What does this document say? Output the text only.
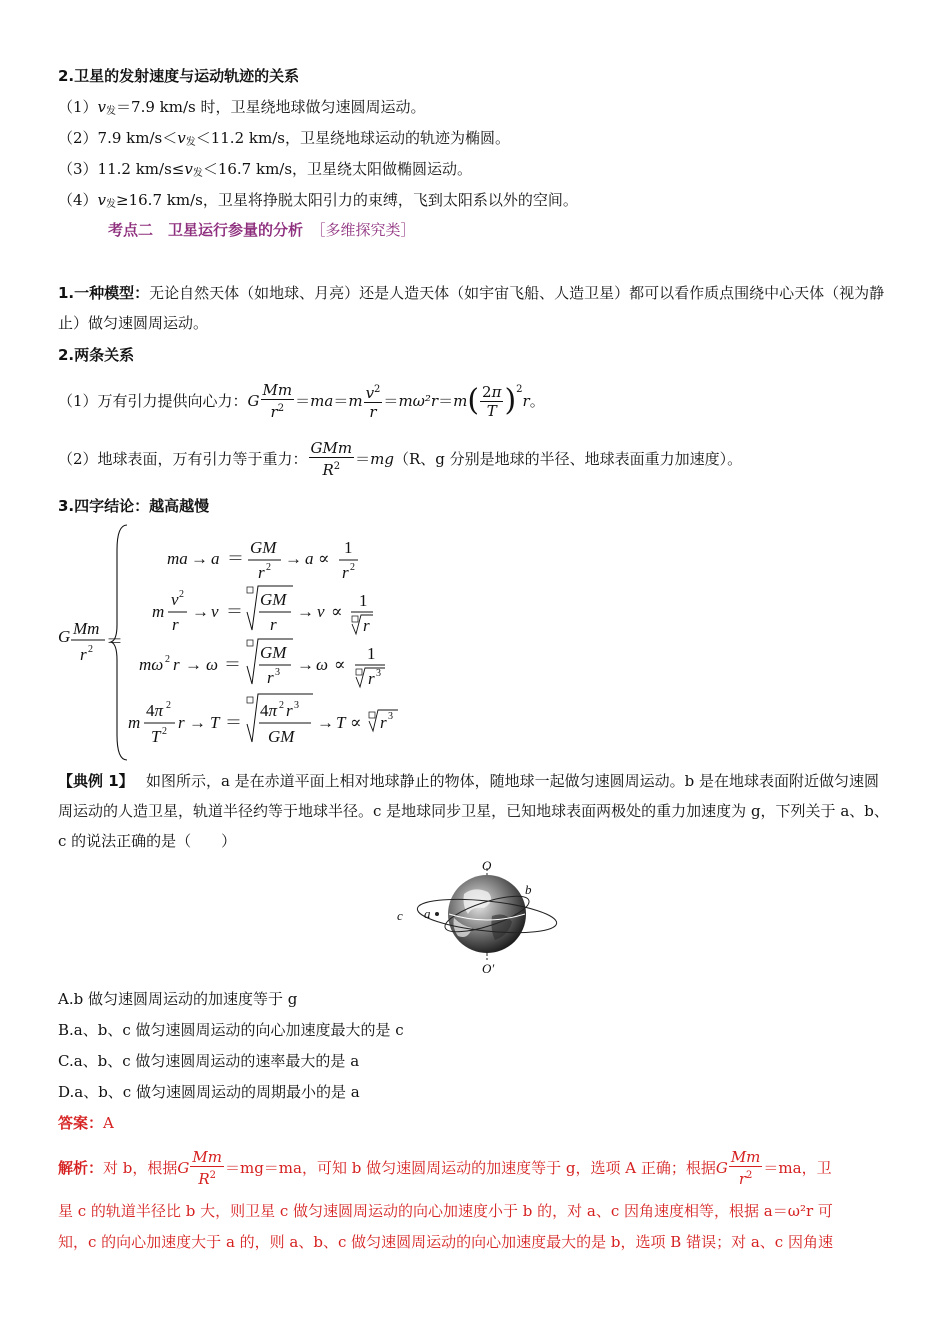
2.卫星的发射速度与运动轨迹的关系
$(1)v_发=7.9$ km/s 时，卫星绕地球做匀速圆周运动。
（2）7.9 $km/s<v_发<11.2$ km/s，卫星绕地球运动的轨迹为椭圆。
（3）11.2 $km/s\le v_发<16.7$ km/s，卫星绕太阳做椭圆运动。
$(4)v_发\ge 16.7$ km/s，卫星将挣脱太阳引力的束缚，飞到太阳系以外的空间。
考点二　卫星运行参量的分析　 ［多维探究类］
1.一种模型：无论自然天体（如地球、月亮）还是人造天体（如宇宙飞船、人造卫星）都可以看作质点围绕中心天体（视为静止）做匀速圆周运动。
2.两条关系
（1）万有引力提供向心力： G $\frac{Mm}{r^2}$ ＝ ma ＝ m $\frac{v^2}{r} = m\omega^2r = m$ ( $\frac{2\pi}{T} )^2$
r 。
（2）地球表面，万有引力等于重力： $\frac{\text{GMm}}{R^2}$ ＝ mg （R、g 分别是地球的半径、地球表面重力加速度）。
3.四字结论：越高越慢
G Mm
r 2 ＝
ma → a ＝
GM
r 2 → a ∝
1
r 2
m
v 2
r
→ v ＝
GM
r
→ v ∝
1
r
mω 2 r → ω ＝
GM
r 3 → ω ∝
1
r 3
m
4π 2
T 2 r → T ＝
4π 2 r 3
GM
→ T ∝ r 3
【典例 1】　 如图所示，a 是在赤道平面上相对地球静止的物体，随地球一起做匀速圆周运动。b 是在地球表面附近做匀速圆周运动的人造卫星，轨道半径约等于地球半径。c 是地球同步卫星，已知地球表面两极处的重力加速度为 g，下列关于 a、b、c 的说法正确的是（　　）
O
O′
a
b
c
A.b 做匀速圆周运动的加速度等于 g
B.a、b、c 做匀速圆周运动的向心加速度最大的是 c
C.a、b、c 做匀速圆周运动的速率最大的是 a
D.a、b、c 做匀速圆周运动的周期最小的是 a
答案：A
解析： 对 b，根据 G $\frac{Mm}{R^2} =mg=ma$，可知 b 做匀速圆周运动的加速度等于 g，选项 A 正确；根据 G $\frac{Mm}{r^2} =ma$，卫
星 c 的轨道半径比 b 大，则卫星 c 做匀速圆周运动的向心加速度小于 b 的，对 a、c 因角速度相等，根据 a＝ω²r 可
知，c 的向心加速度大于 a 的，则 a、b、c 做匀速圆周运动的向心加速度最大的是 b，选项 B 错误；对 a、c 因角速
